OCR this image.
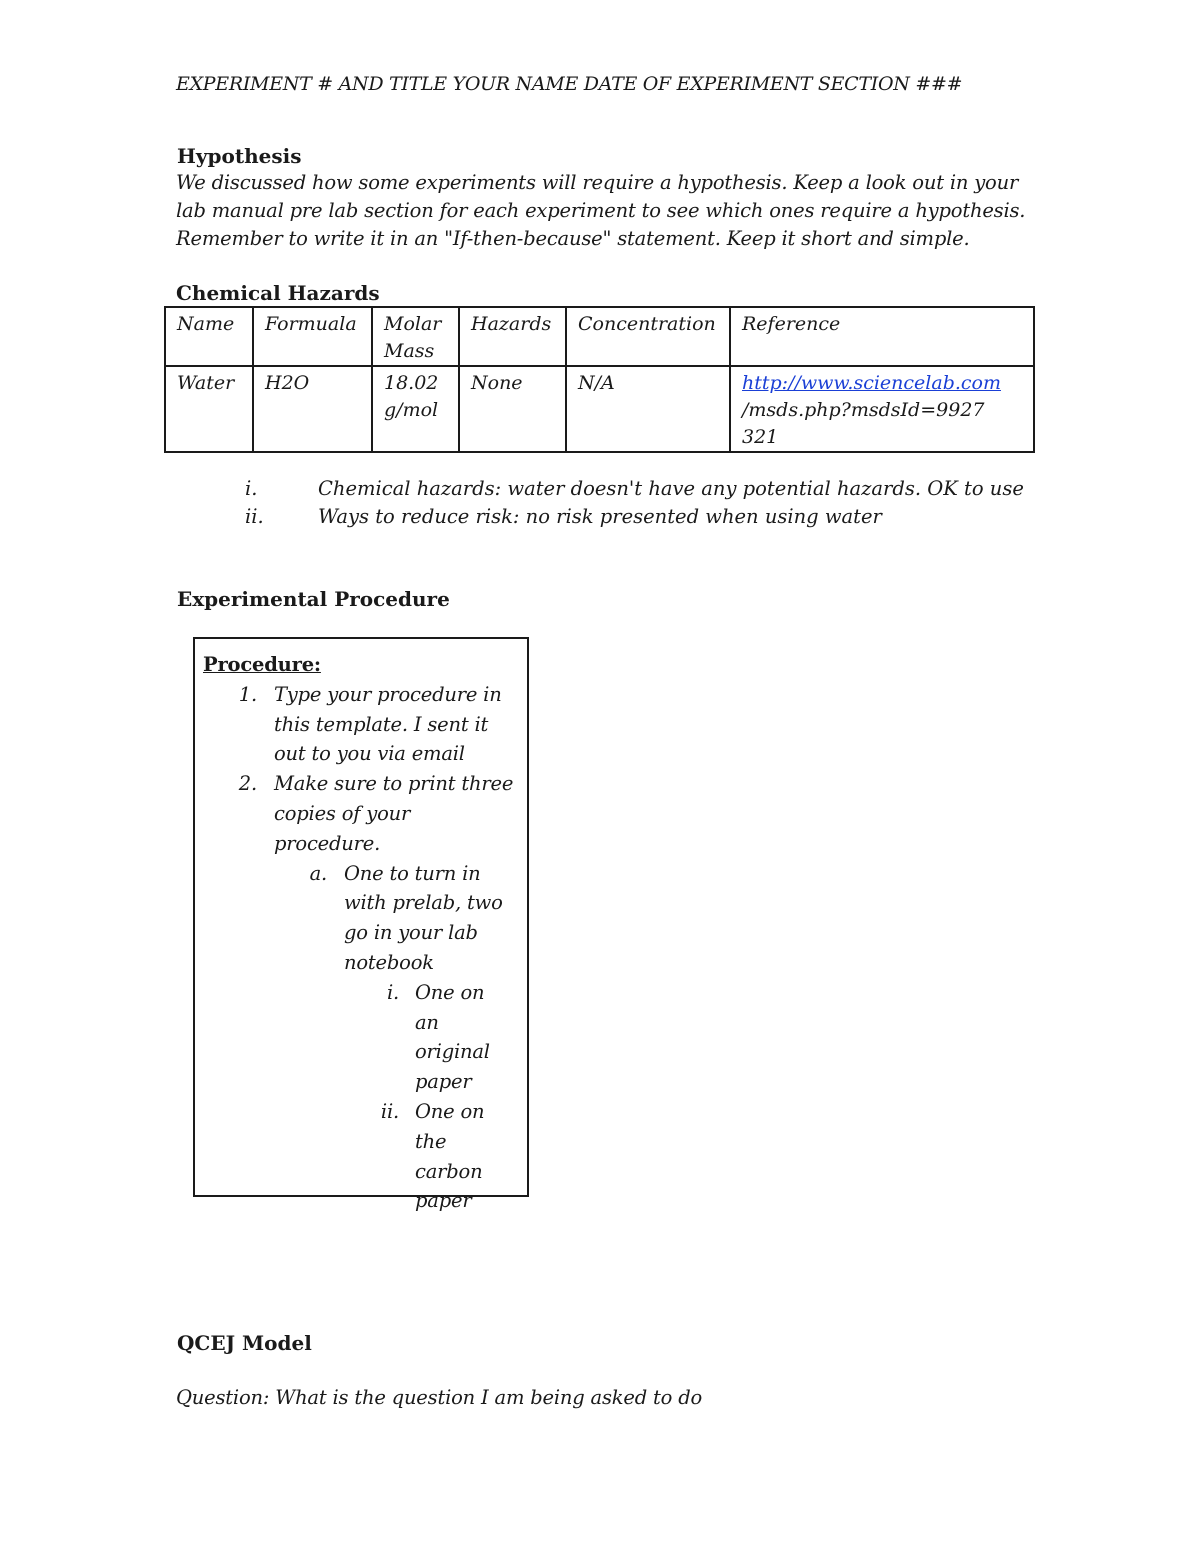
EXPERIMENT # AND TITLE YOUR NAME DATE OF EXPERIMENT SECTION ###
Hypothesis
We discussed how some experiments will require a hypothesis. Keep a look out in your
lab manual pre lab section for each experiment to see which ones require a hypothesis.
Remember to write it in an "If-then-because" statement. Keep it short and simple.
Chemical Hazards
Name	Formuala	Molar Mass	Hazards	Concentration	Reference
Water	H2O	18.02 g/mol	None	N/A	http://www.sciencelab.com
/msds.php?msdsId=9927
321
i.	Chemical hazards: water doesn't have any potential hazards. OK to use
ii.	Ways to reduce risk: no risk presented when using water
Experimental Procedure
Procedure:
1. Type your procedure in
this template. I sent it
out to you via email
2. Make sure to print three
copies of your
procedure.
a. One to turn in
with prelab, two
go in your lab
notebook
i. One on
an
original
paper
ii. One on
the
carbon
paper
QCEJ Model
Question: What is the question I am being asked to do
